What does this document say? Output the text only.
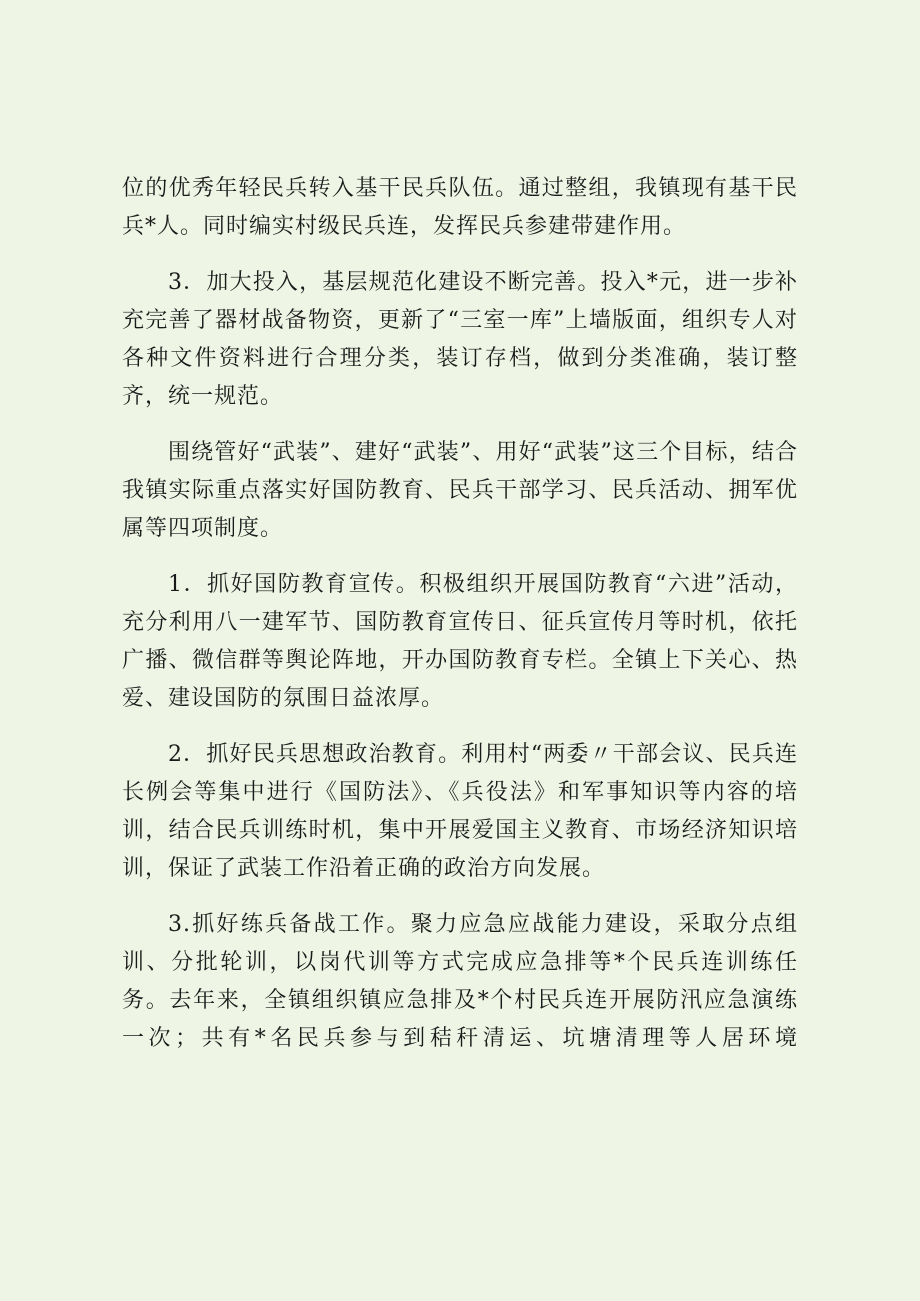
位的优秀年轻民兵转入基干民兵队伍。通过整组，我镇现有基干民兵*人。同时编实村级民兵连，发挥民兵参建带建作用。

3．加大投入，基层规范化建设不断完善。投入*元，进一步补充完善了器材战备物资，更新了“三室一库”上墙版面，组织专人对各种文件资料进行合理分类，装订存档，做到分类准确，装订整齐，统一规范。

围绕管好“武装”、建好“武装”、用好“武装”这三个目标，结合我镇实际重点落实好国防教育、民兵干部学习、民兵活动、拥军优属等四项制度。

1．抓好国防教育宣传。积极组织开展国防教育“六进”活动，充分利用八一建军节、国防教育宣传日、征兵宣传月等时机，依托广播、微信群等舆论阵地，开办国防教育专栏。全镇上下关心、热爱、建设国防的氛围日益浓厚。

2．抓好民兵思想政治教育。利用村“两委〃干部会议、民兵连长例会等集中进行《国防法》、《兵役法》和军事知识等内容的培训，结合民兵训练时机，集中开展爱国主义教育、市场经济知识培训，保证了武装工作沿着正确的政治方向发展。

3.抓好练兵备战工作。聚力应急应战能力建设，采取分点组训、分批轮训，以岗代训等方式完成应急排等*个民兵连训练任务。去年来，全镇组织镇应急排及*个村民兵连开展防汛应急演练一次；共有*名民兵参与到秸秆清运、坑塘清理等人居环境
